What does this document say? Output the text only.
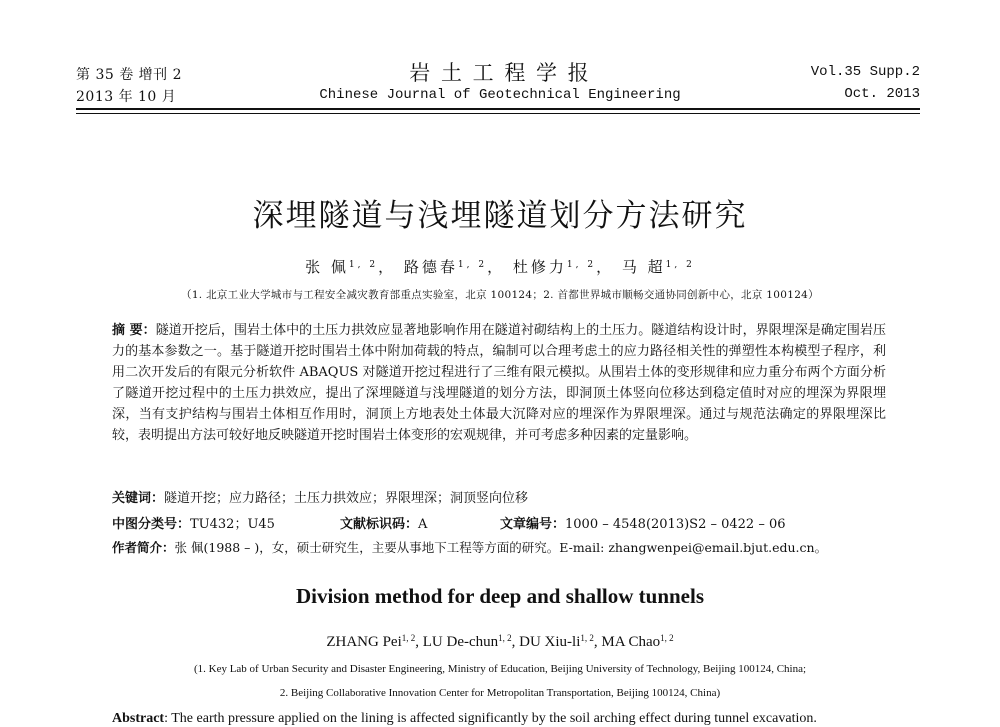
第 35 卷 增刊 2
2013 年 10 月
岩 土 工 程 学 报
Chinese Journal of Geotechnical Engineering
Vol.35 Supp.2
Oct. 2013
深埋隧道与浅埋隧道划分方法研究
张 佩$^{1, 2}$， 路德春$^{1, 2}$， 杜修力$^{1, 2}$， 马 超$^{1, 2}$
（1. 北京工业大学城市与工程安全减灾教育部重点实验室，北京 100124；2. 首都世界城市顺畅交通协同创新中心，北京 100124）
摘 要：隧道开挖后，围岩土体中的土压力拱效应显著地影响作用在隧道衬砌结构上的土压力。隧道结构设计时，界限埋深是确定围岩压力的基本参数之一。基于隧道开挖时围岩土体中附加荷载的特点，编制可以合理考虑土的应力路径相关性的弹塑性本构模型子程序，利用二次开发后的有限元分析软件 ABAQUS 对隧道开挖过程进行了三维有限元模拟。从围岩土体的变形规律和应力重分布两个方面分析了隧道开挖过程中的土压力拱效应，提出了深埋隧道与浅埋隧道的划分方法，即洞顶土体竖向位移达到稳定值时对应的埋深为界限埋深，当有支护结构与围岩土体相互作用时，洞顶上方地表处土体最大沉降对应的埋深作为界限埋深。通过与规范法确定的界限埋深比较，表明提出方法可较好地反映隧道开挖时围岩土体变形的宏观规律，并可考虑多种因素的定量影响。
关键词：隧道开挖；应力路径；土压力拱效应；界限埋深；洞顶竖向位移
中图分类号：TU432；U45	文献标识码：A	文章编号：1000 – 4548(2013)S2 – 0422 – 06
作者简介：张 佩(1988 – )，女，硕士研究生，主要从事地下工程等方面的研究。E-mail: zhangwenpei@email.bjut.edu.cn。
Division method for deep and shallow tunnels
ZHANG Pei$^{1, 2}$, LU De-chun$^{1, 2}$, DU Xiu-li$^{1, 2}$, MA Chao$^{1, 2}$
(1. Key Lab of Urban Security and Disaster Engineering, Ministry of Education, Beijing University of Technology, Beijing 100124, China;
2. Beijing Collaborative Innovation Center for Metropolitan Transportation, Beijing 100124, China)
Abstract: The earth pressure applied on the lining is affected significantly by the soil arching effect during tunnel excavation.
